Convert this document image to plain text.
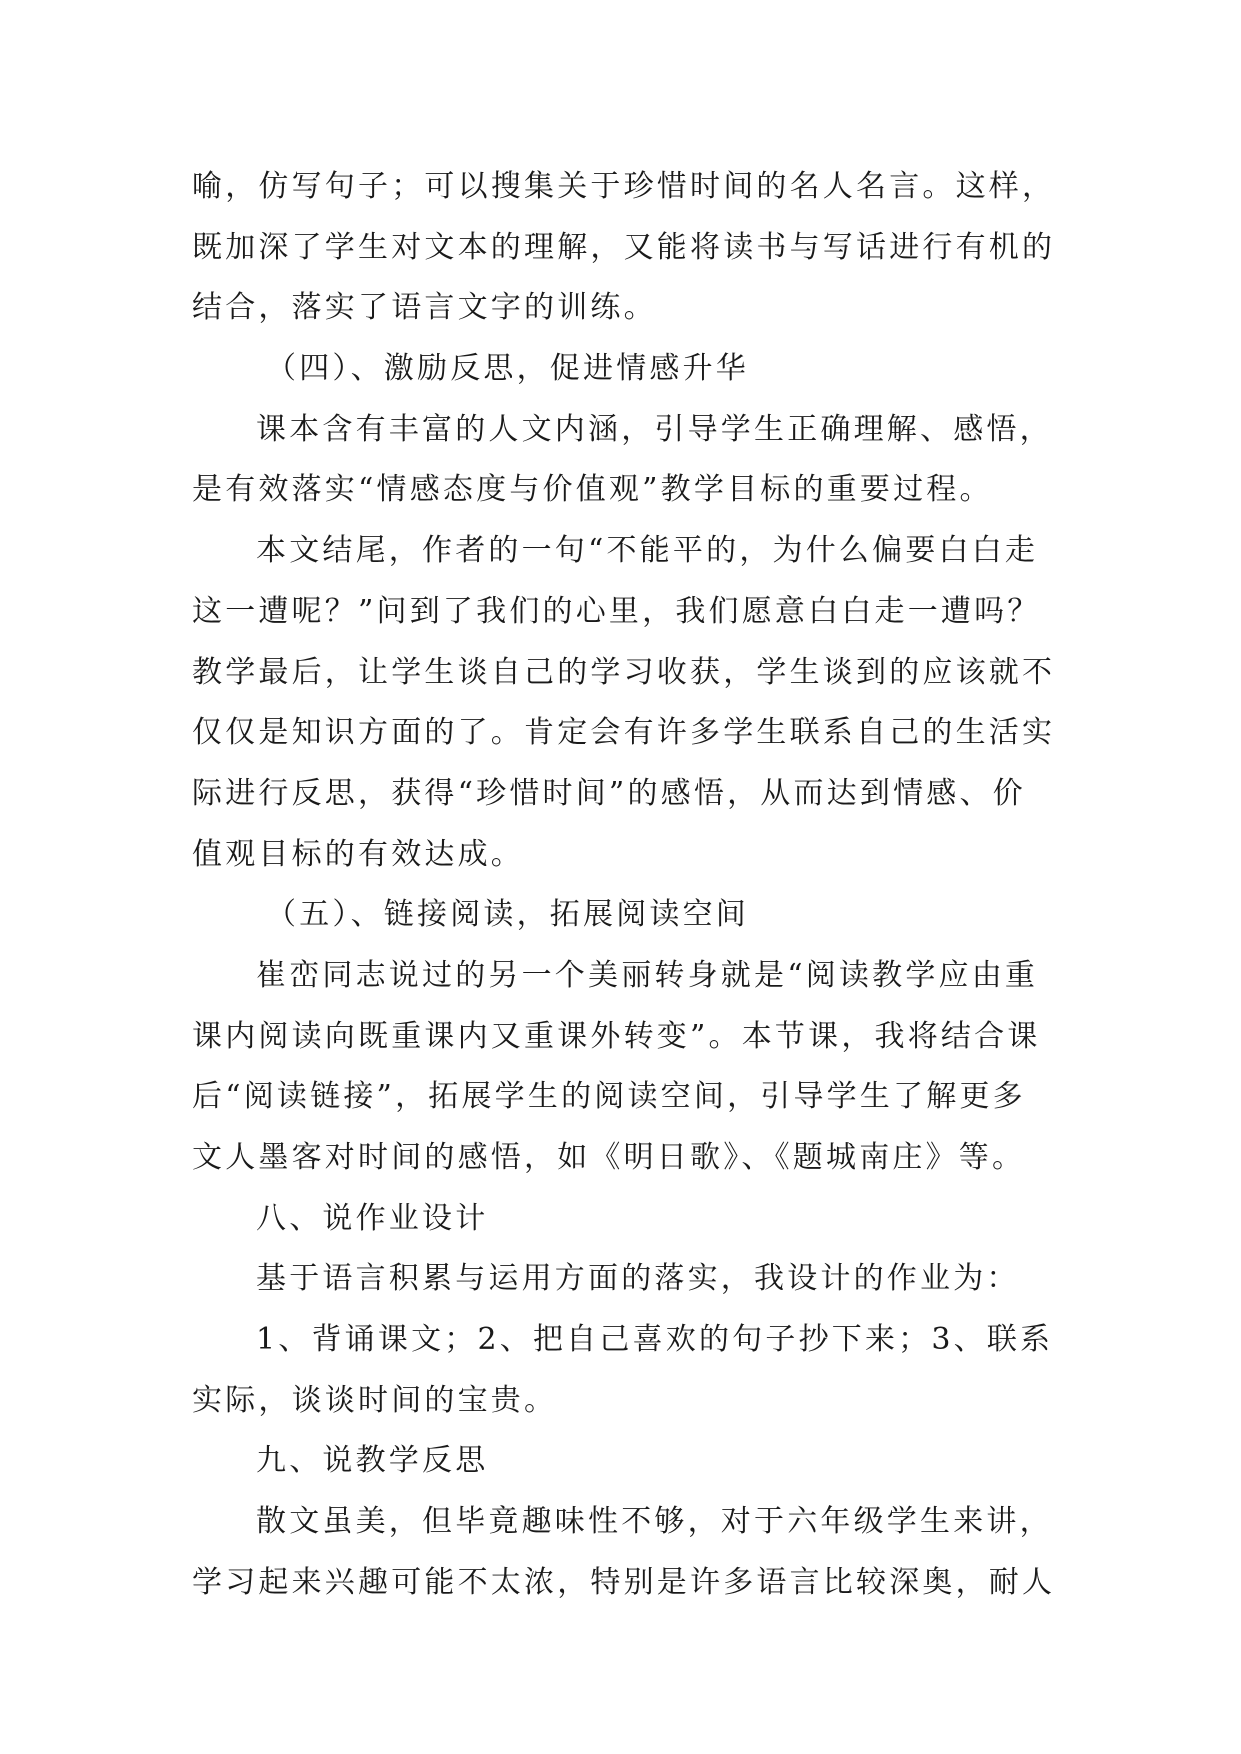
喻，仿写句子；可以搜集关于珍惜时间的名人名言。这样，
既加深了学生对文本的理解，又能将读书与写话进行有机的
结合，落实了语言文字的训练。
（四）、激励反思，促进情感升华
课本含有丰富的人文内涵，引导学生正确理解、感悟，
是有效落实“情感态度与价值观”教学目标的重要过程。
本文结尾，作者的一句“不能平的，为什么偏要白白走
这一遭呢？”问到了我们的心里，我们愿意白白走一遭吗？
教学最后，让学生谈自己的学习收获，学生谈到的应该就不
仅仅是知识方面的了。肯定会有许多学生联系自己的生活实
际进行反思，获得“珍惜时间”的感悟，从而达到情感、价
值观目标的有效达成。
（五）、链接阅读，拓展阅读空间
崔峦同志说过的另一个美丽转身就是“阅读教学应由重
课内阅读向既重课内又重课外转变”。本节课，我将结合课
后“阅读链接”，拓展学生的阅读空间，引导学生了解更多
文人墨客对时间的感悟，如《明日歌》、《题城南庄》等。
八、说作业设计
基于语言积累与运用方面的落实，我设计的作业为：
1、背诵课文；2、把自己喜欢的句子抄下来；3、联系
实际，谈谈时间的宝贵。
九、说教学反思
散文虽美，但毕竟趣味性不够，对于六年级学生来讲，
学习起来兴趣可能不太浓，特别是许多语言比较深奥，耐人
